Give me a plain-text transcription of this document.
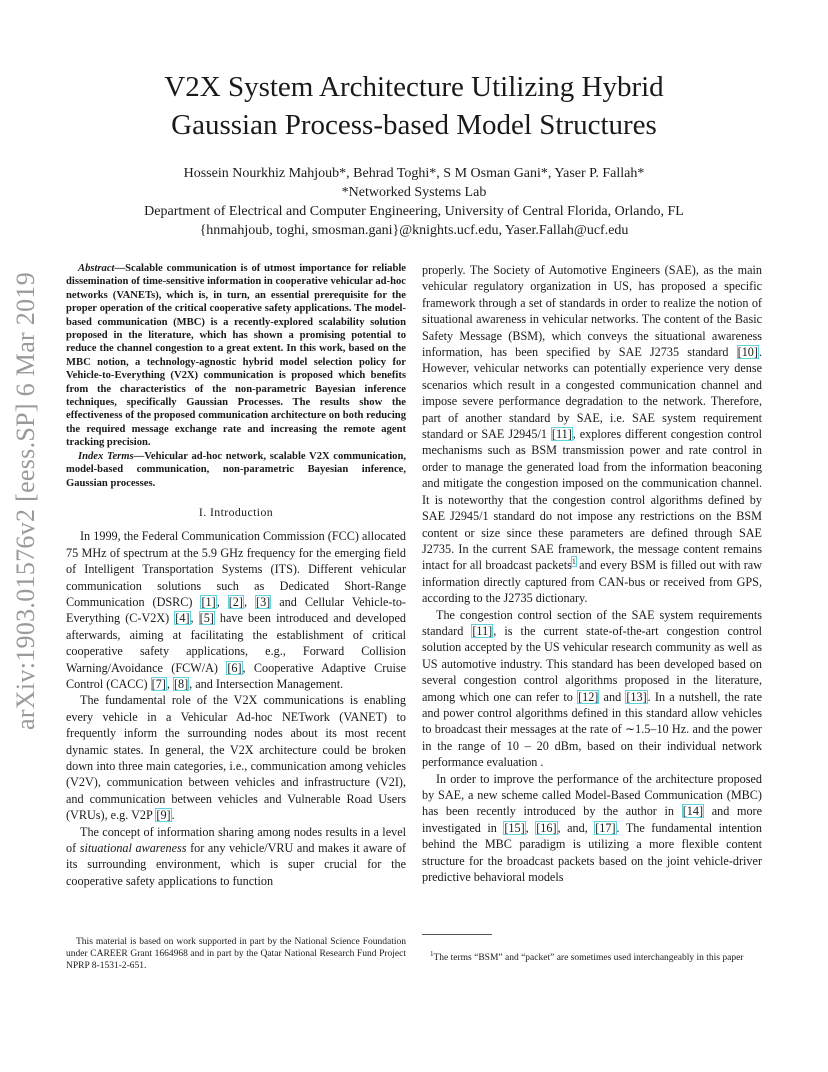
arXiv:1903.01576v2 [eess.SP] 6 Mar 2019
V2X System Architecture Utilizing Hybrid
Gaussian Process-based Model Structures
Hossein Nourkhiz Mahjoub*, Behrad Toghi*, S M Osman Gani*, Yaser P. Fallah*
*Networked Systems Lab
Department of Electrical and Computer Engineering, University of Central Florida, Orlando, FL
{hnmahjoub, toghi, smosman.gani}@knights.ucf.edu, Yaser.Fallah@ucf.edu

Abstract—Scalable communication is of utmost importance for reliable dissemination of time-sensitive information in cooperative vehicular ad-hoc networks (VANETs), which is, in turn, an essential prerequisite for the proper operation of the critical cooperative safety applications. The model-based communication (MBC) is a recently-explored scalability solution proposed in the literature, which has shown a promising potential to reduce the channel congestion to a great extent. In this work, based on the MBC notion, a technology-agnostic hybrid model selection policy for Vehicle-to-Everything (V2X) communication is proposed which benefits from the characteristics of the non-parametric Bayesian inference techniques, specifically Gaussian Processes. The results show the effectiveness of the proposed communication architecture on both reducing the required message exchange rate and increasing the remote agent tracking precision.

Index Terms—Vehicular ad-hoc network, scalable V2X communication, model-based communication, non-parametric Bayesian inference, Gaussian processes.

I. Introduction

In 1999, the Federal Communication Commission (FCC) allocated 75 MHz of spectrum at the 5.9 GHz frequency for the emerging field of Intelligent Transportation Systems (ITS). Different vehicular communication solutions such as Dedicated Short-Range Communication (DSRC) [1], [2], [3] and Cellular Vehicle-to-Everything (C-V2X) [4], [5] have been introduced and developed afterwards, aiming at facilitating the establishment of critical cooperative safety applications, e.g., Forward Collision Warning/Avoidance (FCW/A) [6], Cooperative Adaptive Cruise Control (CACC) [7], [8], and Intersection Management.

The fundamental role of the V2X communications is enabling every vehicle in a Vehicular Ad-hoc NETwork (VANET) to frequently inform the surrounding nodes about its most recent dynamic states. In general, the V2X architecture could be broken down into three main categories, i.e., communication among vehicles (V2V), communication between vehicles and infrastructure (V2I), and communication between vehicles and Vulnerable Road Users (VRUs), e.g. V2P [9].

The concept of information sharing among nodes results in a level of situational awareness for any vehicle/VRU and makes it aware of its surrounding environment, which is super crucial for the cooperative safety applications to function

This material is based on work supported in part by the National Science Foundation under CAREER Grant 1664968 and in part by the Qatar National Research Fund Project NPRP 8-1531-2-651.

properly. The Society of Automotive Engineers (SAE), as the main vehicular regulatory organization in US, has proposed a specific framework through a set of standards in order to realize the notion of situational awareness in vehicular networks. The content of the Basic Safety Message (BSM), which conveys the situational awareness information, has been specified by SAE J2735 standard [10]. However, vehicular networks can potentially experience very dense scenarios which result in a congested communication channel and impose severe performance degradation to the network. Therefore, part of another standard by SAE, i.e. SAE system requirement standard or SAE J2945/1 [11], explores different congestion control mechanisms such as BSM transmission power and rate control in order to manage the generated load from the information beaconing and mitigate the congestion imposed on the communication channel. It is noteworthy that the congestion control algorithms defined by SAE J2945/1 standard do not impose any restrictions on the BSM content or size since these parameters are defined through SAE J2735. In the current SAE framework, the message content remains intact for all broadcast packets$^1$ and every BSM is filled out with raw information directly captured from CAN-bus or received from GPS, according to the J2735 dictionary.

The congestion control section of the SAE system requirements standard [11], is the current state-of-the-art congestion control solution accepted by the US vehicular research community as well as US automotive industry. This standard has been developed based on several congestion control algorithms proposed in the literature, among which one can refer to [12] and [13]. In a nutshell, the rate and power control algorithms defined in this standard allow vehicles to broadcast their messages at the rate of ∼1.5–10 Hz. and the power in the range of 10 – 20 dBm, based on their individual network performance evaluation .

In order to improve the performance of the architecture proposed by SAE, a new scheme called Model-Based Communication (MBC) has been recently introduced by the author in [14] and more investigated in [15], [16], and, [17]. The fundamental intention behind the MBC paradigm is utilizing a more flexible content structure for the broadcast packets based on the joint vehicle-driver predictive behavioral models

$^1$The terms “BSM” and “packet” are sometimes used interchangeably in this paper
